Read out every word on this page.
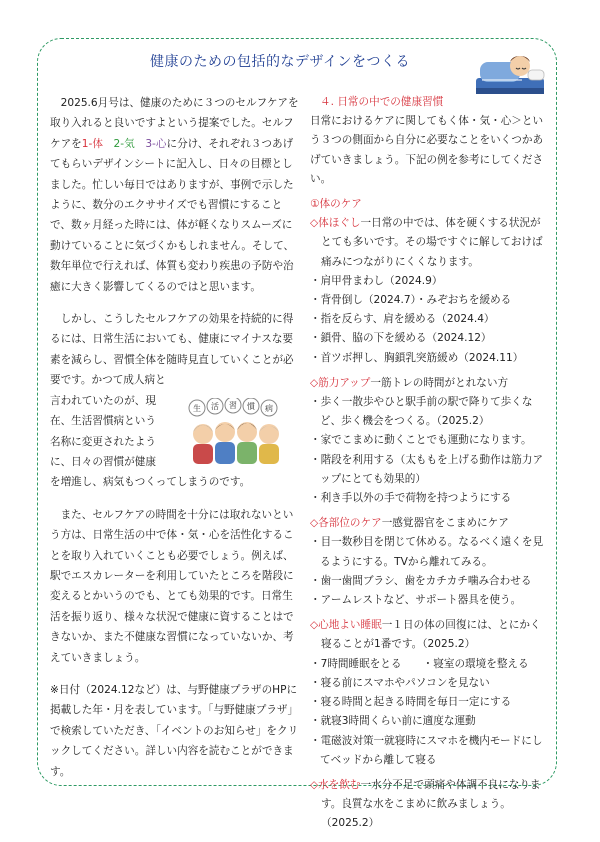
健康のための包括的なデザインをつくる

2025.6月号は、健康のために３つのセルフケアを取り入れると良いですよという提案でした。セルフケアを1-体　 2-気　 3-心に分け、それぞれ３つあげてもらいデザインシートに記入し、日々の目標としました。忙しい毎日ではありますが、事例で示したように、数分のエクササイズでも習慣にすることで、数ヶ月経った時には、体が軽くなりスムーズに動けていることに気づくかもしれません。そして、数年単位で行えれば、体質も変わり疾患の予防や治癒に大きく影響してくるのではと思います。

しかし、こうしたセルフケアの効果を持続的に得るには、日常生活においても、健康にマイナスな要素を減らし、習慣全体を随時見直していくことが必要です。かつて成人病と

言われていたのが、現
在、生活習慣病という
名称に変更されたよう
に、日々の習慣が健康

を増進し、病気もつくってしまうのです。

また、セルフケアの時間を十分には取れないという方は、日常生活の中で体・気・心を活性化することを取り入れていくことも必要でしょう。例えば、駅でエスカレーターを利用していたところを階段に変えるとかいうのでも、とても効果的です。日常生活を振り返り、様々な状況で健康に資することはできないか、また不健康な習慣になっていないか、考えていきましょう。

※日付（2024.12など）は、与野健康プラザのHPに掲載した年・月を表しています。「与野健康プラザ」で検索していただき、「イベントのお知らせ」をクリックしてください。詳しい内容を読むことができます。

生 活 習 慣 病

４. 日常の中での健康習慣

日常におけるケアに関してもく体・気・心＞という３つの側面から自分に必要なことをいくつかあげていきましょう。下記の例を参考にしてください。

①体のケア

◇体ほぐし一日常の中では、体を硬くする状況がとても多いです。その場ですぐに解しておけば痛みにつながりにくくなります。

・肩甲骨まわし（2024.9）
・背骨倒し（2024.7）・みぞおちを緩める
・指を反らす、肩を緩める（2024.4）
・鎖骨、脇の下を緩める（2024.12）
・首ツボ押し、胸鎖乳突筋緩め（2024.11）

◇筋力アップ一筋トレの時間がとれない方

・歩く一散歩やひと駅手前の駅で降りて歩くなど、歩く機会をつくる。（2025.2）
・家でこまめに動くことでも運動になります。
・階段を利用する（太ももを上げる動作は筋力アップにとても効果的）
・利き手以外の手で荷物を持つようにする

◇各部位のケア一感覚器官をこまめにケア

・目一数秒目を閉じて休める。なるべく遠くを見るようにする。TVから離れてみる。
・歯一歯間ブラシ、歯をカチカチ噛み合わせる
・アームレストなど、サポート器具を使う。

◇心地よい睡眠一１日の体の回復には、とにかく寝ることが1番です。（2025.2）

・7時間睡眠をとる　　・寝室の環境を整える
・寝る前にスマホやパソコンを見ない
・寝る時間と起きる時間を毎日一定にする
・就寝3時間くらい前に適度な運動
・電磁波対策一就寝時にスマホを機内モードにしてベッドから離して寝る

◇水を飲む一水分不足で頭痛や体調不良になります。良質な水をこまめに飲みましょう。（2025.2）
